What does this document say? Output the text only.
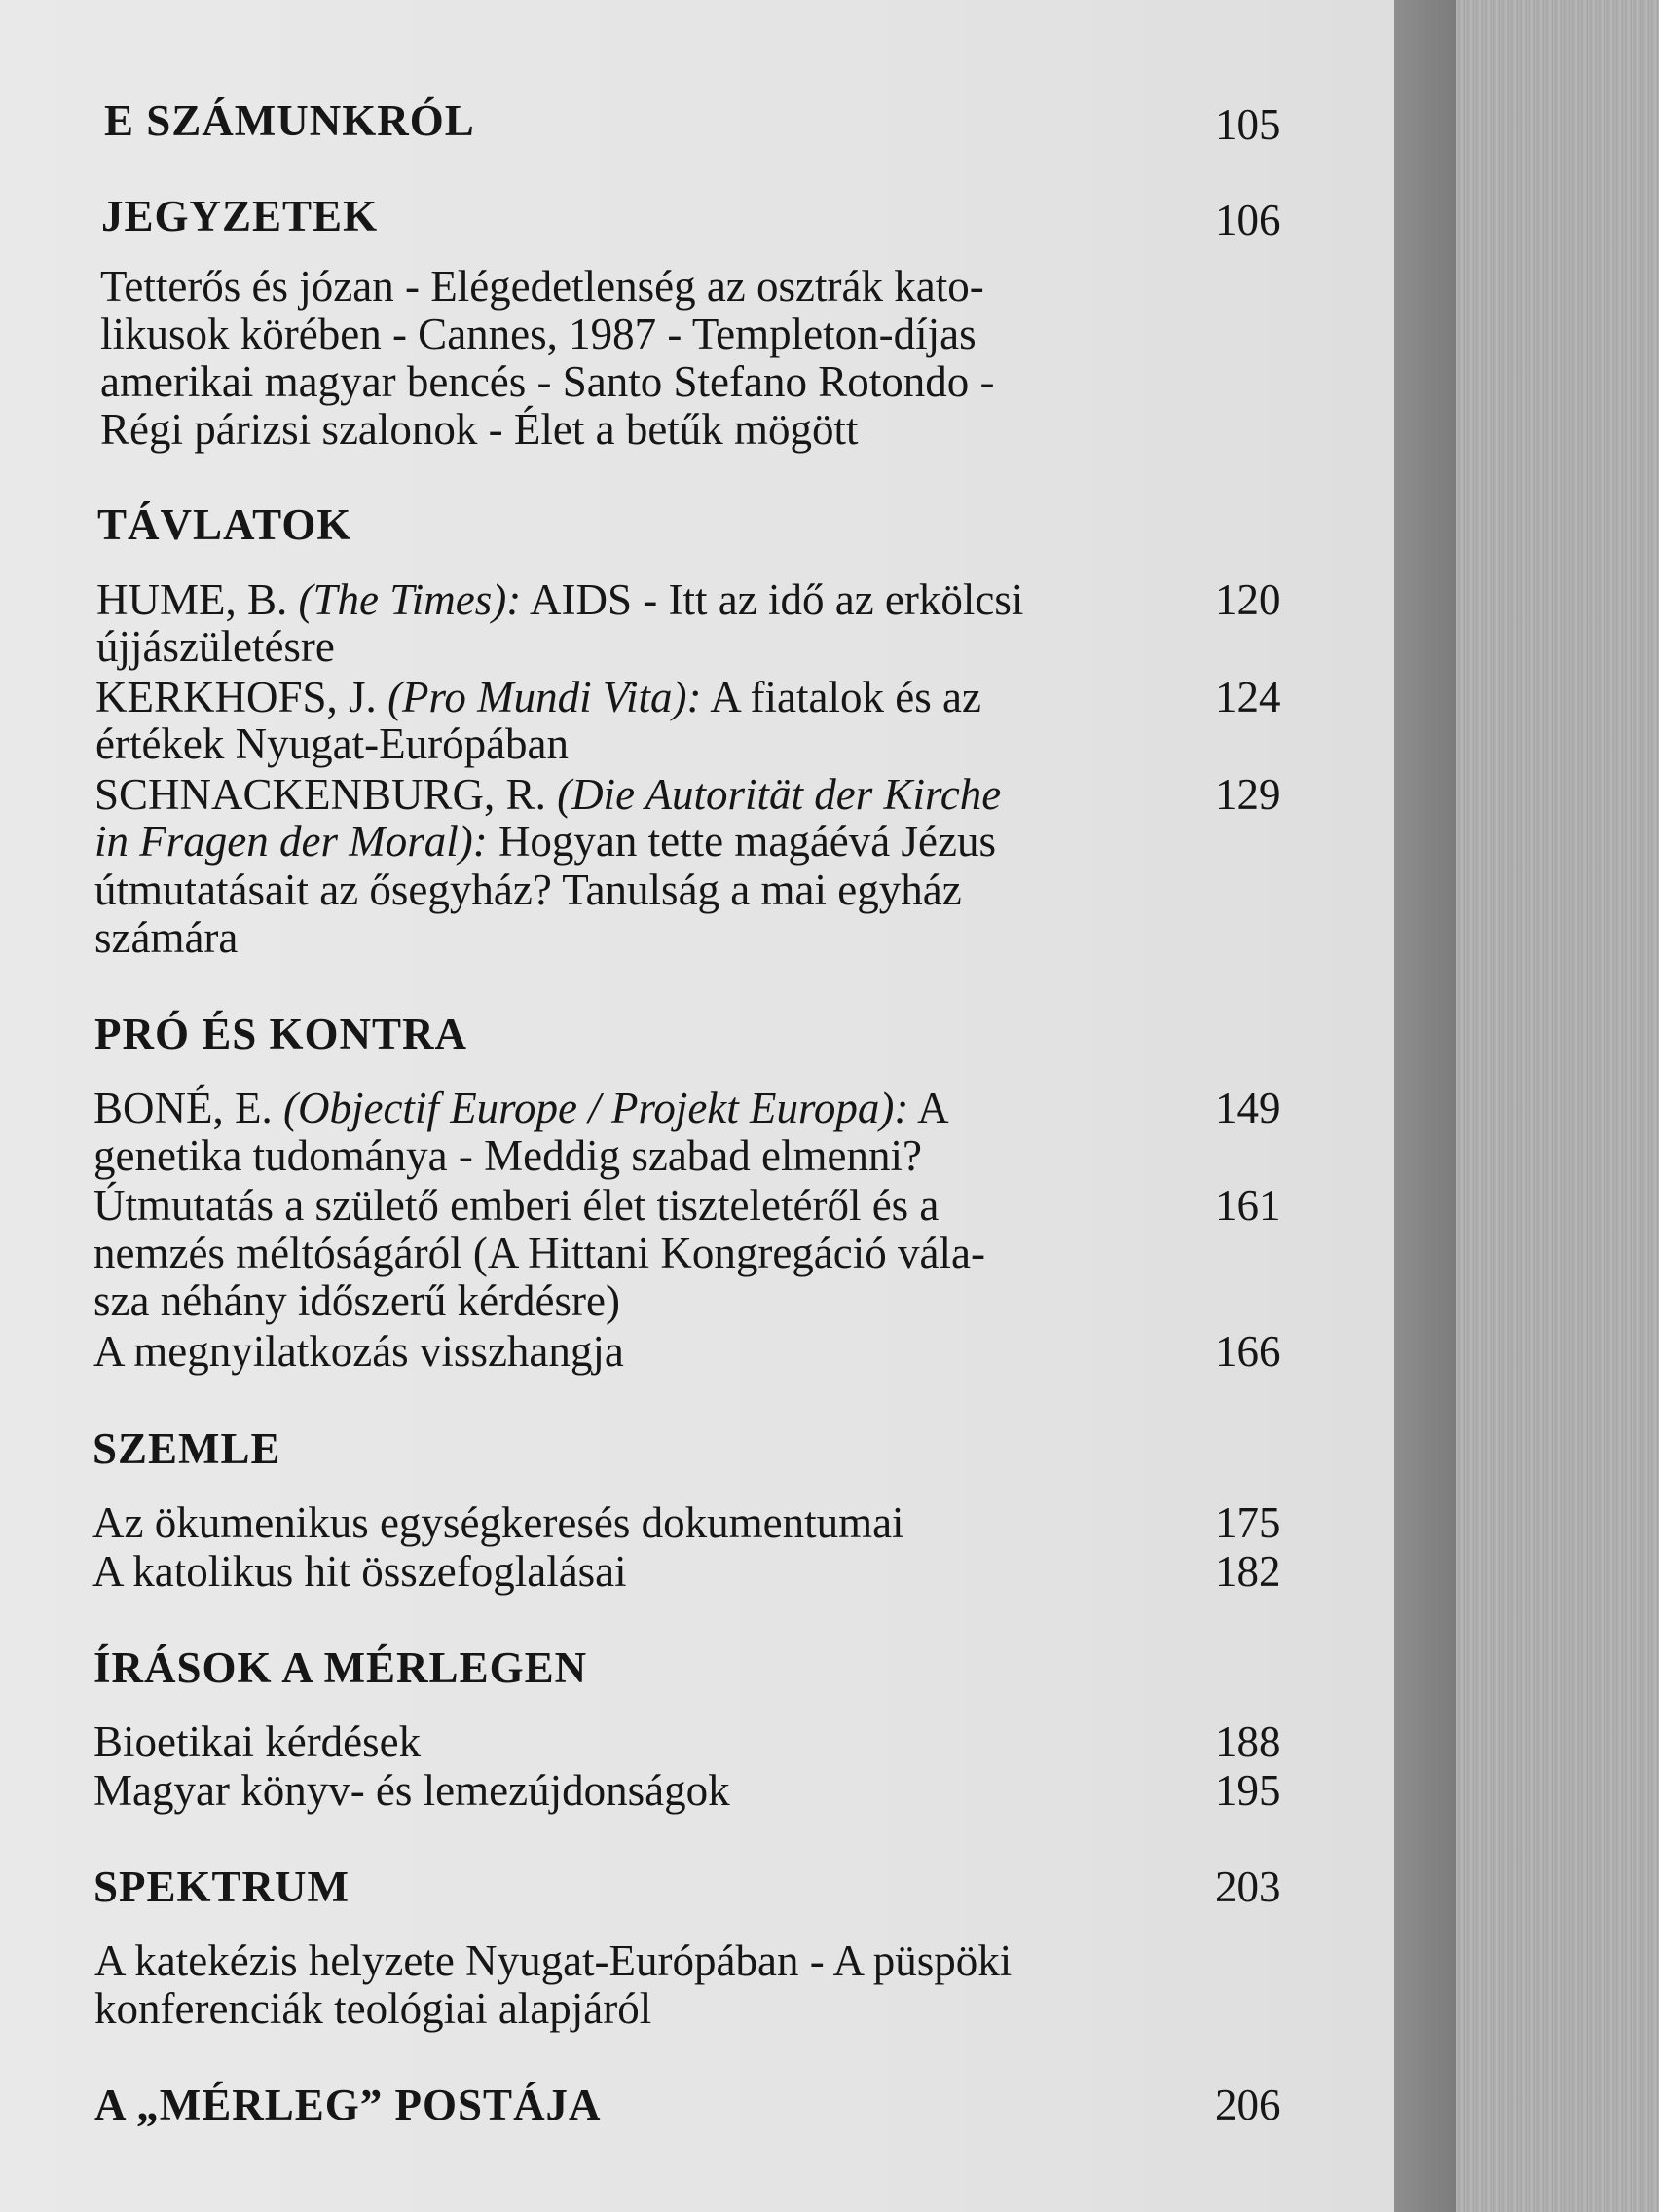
E SZÁMUNKRÓL	105
JEGYZETEK	106
Tetterős és józan - Elégedetlenség az osztrák kato-
likusok körében - Cannes, 1987 - Templeton-díjas
amerikai magyar bencés - Santo Stefano Rotondo -
Régi párizsi szalonok - Élet a betűk mögött
TÁVLATOK
HUME, B. (The Times): AIDS - Itt az idő az erkölcsi	120
újjászületésre
KERKHOFS, J. (Pro Mundi Vita): A fiatalok és az	124
értékek Nyugat-Európában
SCHNACKENBURG, R. (Die Autorität der Kirche	129
in Fragen der Moral): Hogyan tette magáévá Jézus
útmutatásait az ősegyház? Tanulság a mai egyház
számára
PRÓ ÉS KONTRA
BONÉ, E. (Objectif Europe / Projekt Europa): A	149
genetika tudománya - Meddig szabad elmenni?
Útmutatás a születő emberi élet tiszteletéről és a	161
nemzés méltóságáról (A Hittani Kongregáció vála-
sza néhány időszerű kérdésre)
A megnyilatkozás visszhangja	166
SZEMLE
Az ökumenikus egységkeresés dokumentumai	175
A katolikus hit összefoglalásai	182
ÍRÁSOK A MÉRLEGEN
Bioetikai kérdések	188
Magyar könyv- és lemezújdonságok	195
SPEKTRUM	203
A katekézis helyzete Nyugat-Európában - A püspöki
konferenciák teológiai alapjáról
A „MÉRLEG” POSTÁJA	206
